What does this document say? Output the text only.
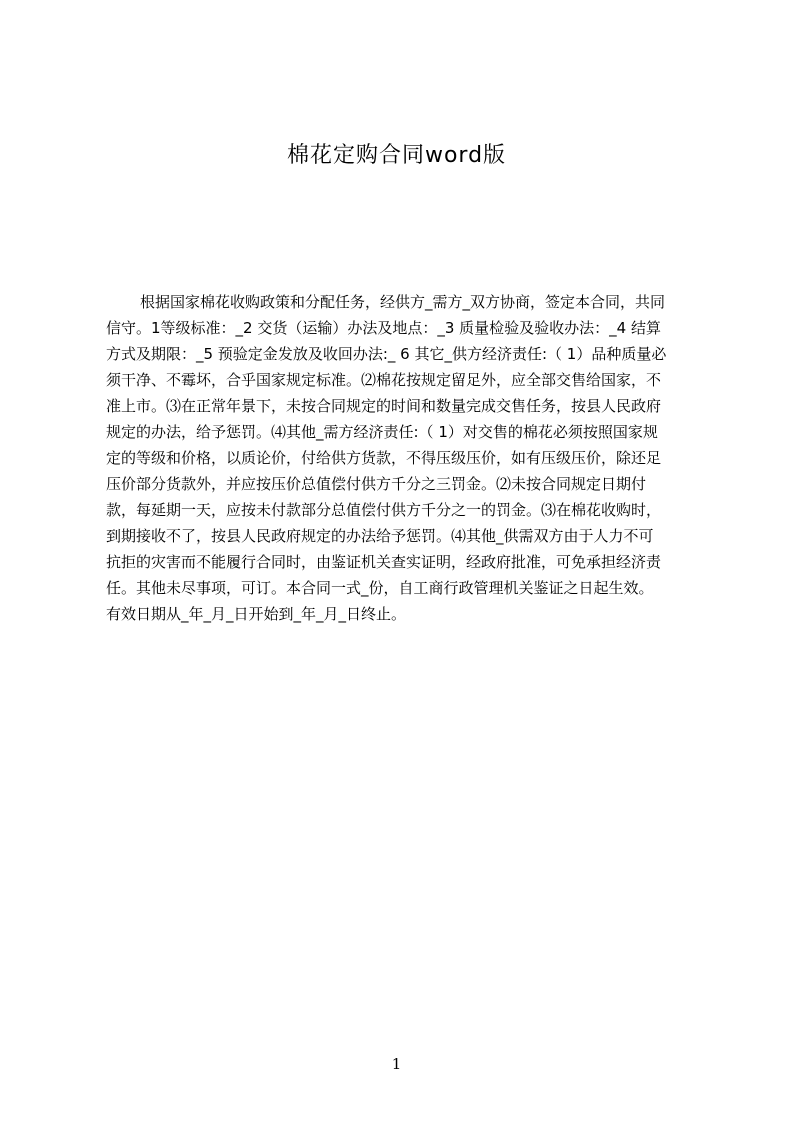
棉花定购合同word版
根据国家棉花收购政策和分配任务，经供方_需方_双方协商，签定本合同，共同
信守。1等级标准：_2 交货（运输）办法及地点：_3 质量检验及验收办法：_4 结算
方式及期限：_5 预验定金发放及收回办法:_ 6 其它_供方经济责任:（ 1）品种质量必
须干净、不霉坏，合乎国家规定标准。⑵棉花按规定留足外，应全部交售给国家，不
准上市。⑶在正常年景下，未按合同规定的时间和数量完成交售任务，按县人民政府
规定的办法，给予惩罚。⑷其他_需方经济责任:（ 1）对交售的棉花必须按照国家规
定的等级和价格，以质论价，付给供方货款，不得压级压价，如有压级压价，除还足
压价部分货款外，并应按压价总值偿付供方千分之三罚金。⑵未按合同规定日期付
款，每延期一天，应按未付款部分总值偿付供方千分之一的罚金。⑶在棉花收购时，
到期接收不了，按县人民政府规定的办法给予惩罚。⑷其他_供需双方由于人力不可
抗拒的灾害而不能履行合同时，由鉴证机关查实证明，经政府批准，可免承担经济责
任。其他未尽事项，可订。本合同一式_份，自工商行政管理机关鉴证之日起生效。
有效日期从_年_月_日开始到_年_月_日终止。
1
